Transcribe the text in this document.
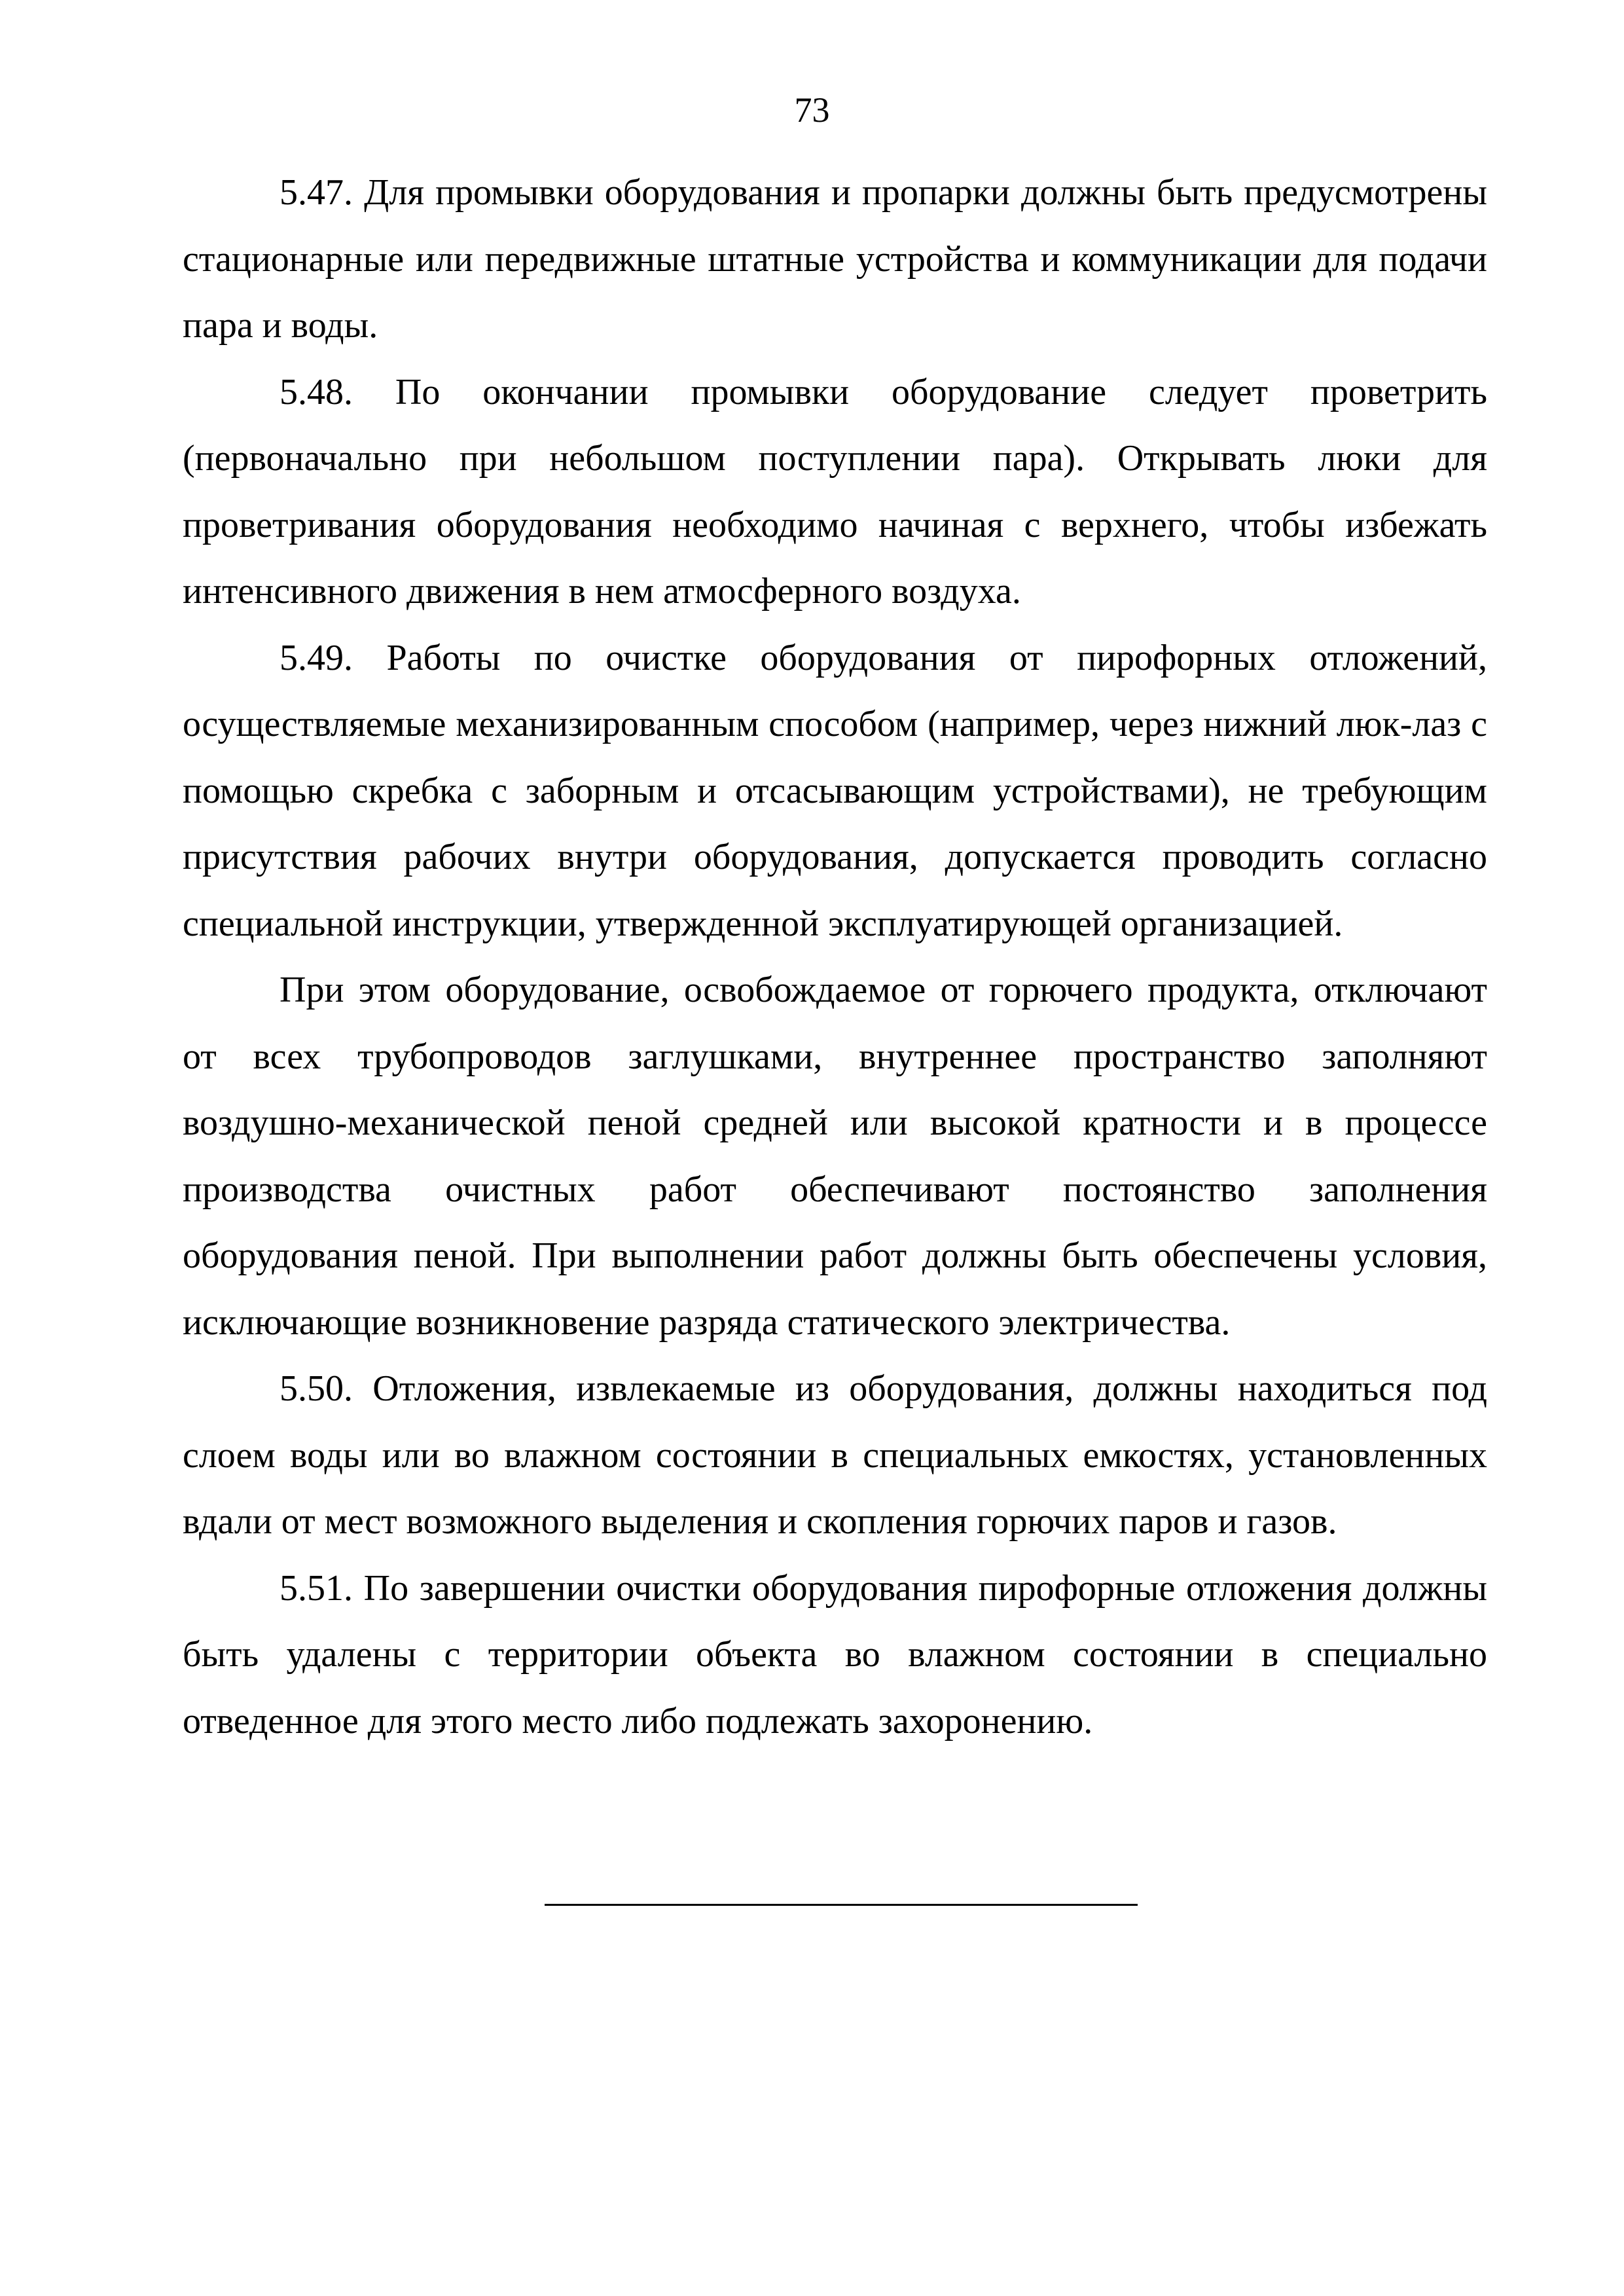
73

5.47. Для промывки оборудования и пропарки должны быть предусмотрены стационарные или передвижные штатные устройства и коммуникации для подачи пара и воды.

5.48. По окончании промывки оборудование следует проветрить (первоначально при небольшом поступлении пара). Открывать люки для проветривания оборудования необходимо начиная с верхнего, чтобы избежать интенсивного движения в нем атмосферного воздуха.

5.49. Работы по очистке оборудования от пирофорных отложений, осуществляемые механизированным способом (например, через нижний люк-лаз с помощью скребка с заборным и отсасывающим устройствами), не требующим присутствия рабочих внутри оборудования, допускается проводить согласно специальной инструкции, утвержденной эксплуатирующей организацией.

При этом оборудование, освобождаемое от горючего продукта, отключают от всех трубопроводов заглушками, внутреннее пространство заполняют воздушно-механической пеной средней или высокой кратности и в процессе производства очистных работ обеспечивают постоянство заполнения оборудования пеной. При выполнении работ должны быть обеспечены условия, исключающие возникновение разряда статического электричества.

5.50. Отложения, извлекаемые из оборудования, должны находиться под слоем воды или во влажном состоянии в специальных емкостях, установленных вдали от мест возможного выделения и скопления горючих паров и газов.

5.51. По завершении очистки оборудования пирофорные отложения должны быть удалены с территории объекта во влажном состоянии в специально отведенное для этого место либо подлежать захоронению.
